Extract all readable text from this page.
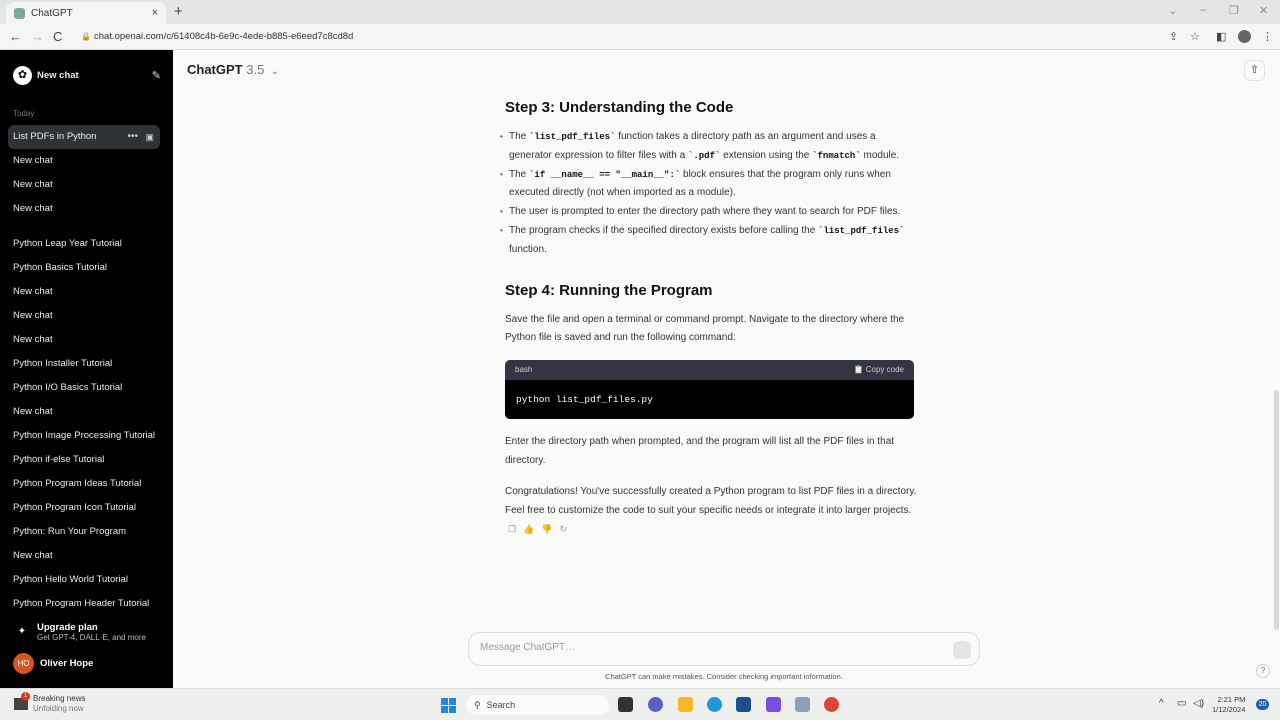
ChatGPT	× +	⌄ – ❐ ✕
← → C 🔒 chat.openai.com/c/61408c4b-6e9c-4ede-b885-e6eed7c8cd8d	⇪ ☆ ◧	⋮
✿	New chat	✎
Today
List PDFs in Python	••• ▣
New chat
New chat
New chat
Python Leap Year Tutorial
Python Basics Tutorial
New chat
New chat
New chat
Python Installer Tutorial
Python I/O Basics Tutorial
New chat
Python Image Processing Tutorial
Python if-else Tutorial
Python Program Ideas Tutorial
Python Program Icon Tutorial
Python: Run Your Program
New chat
Python Hello World Tutorial
Python Program Header Tutorial
✦	Upgrade plan
Get GPT-4, DALL·E, and more
HO	Oliver Hope
ChatGPT 3.5 ⌄	⇧
Step 3: Understanding the Code
• The `list_pdf_files` function takes a directory path as an argument and uses a generator expression to filter files with a `.pdf` extension using the `fnmatch` module.
• The `if __name__ == "__main__":` block ensures that the program only runs when executed directly (not when imported as a module).
• The user is prompted to enter the directory path where they want to search for PDF files.
• The program checks if the specified directory exists before calling the `list_pdf_files` function.
Step 4: Running the Program

Save the file and open a terminal or command prompt. Navigate to the directory where the Python file is saved and run the following command:

bash	📋 Copy code
python list_pdf_files.py

Enter the directory path when prompted, and the program will list all the PDF files in that directory.

Congratulations! You've successfully created a Python program to list PDF files in a directory. Feel free to customize the code to suit your specific needs or integrate it into larger projects.

❐ 👍 👎 ↻
Message ChatGPT…
↑
ChatGPT can make mistakes. Consider checking important information.
?
1 Breaking news
Unfolding now	⚲ Search	^ ▭ ◁)	2:21 PM
1/12/2024
20
